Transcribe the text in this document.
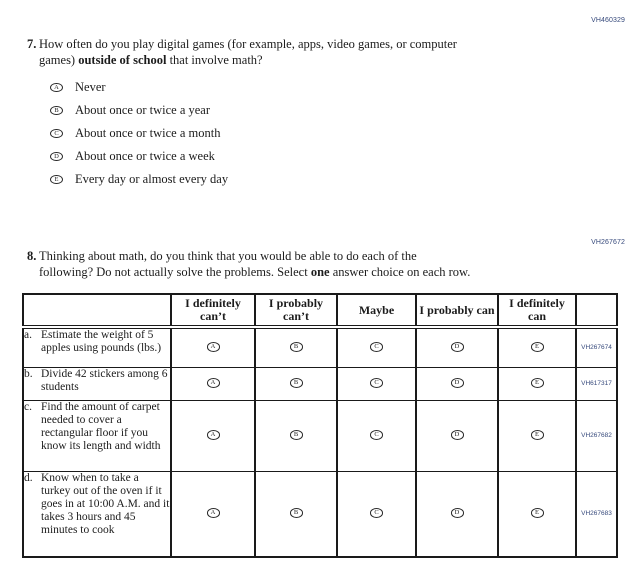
VH460329
7. How often do you play digital games (for example, apps, video games, or computer
games) outside of school that involve math?
A	Never
B	About once or twice a year
C	About once or twice a month
D	About once or twice a week
E	Every day or almost every day
VH267672
8. Thinking about math, do you think that you would be able to do each of the
following? Do not actually solve the problems. Select one answer choice on each row.
	I definitely can’t	I probably can’t	Maybe	I probably can	I definitely can	

a. Estimate the weight of 5 apples using pounds (lbs.)	A	B	C	D	E	VH267674

b. Divide 42 stickers among 6 students	A	B	C	D	E	VH617317

c. Find the amount of carpet needed to cover a rectangular floor if you know its length and width	A	B	C	D	E	VH267682

d. Know when to take a turkey out of the oven if it goes in at 10:00 A.M. and it takes 3 hours and 45 minutes to cook	A	B	C	D	E	VH267683
